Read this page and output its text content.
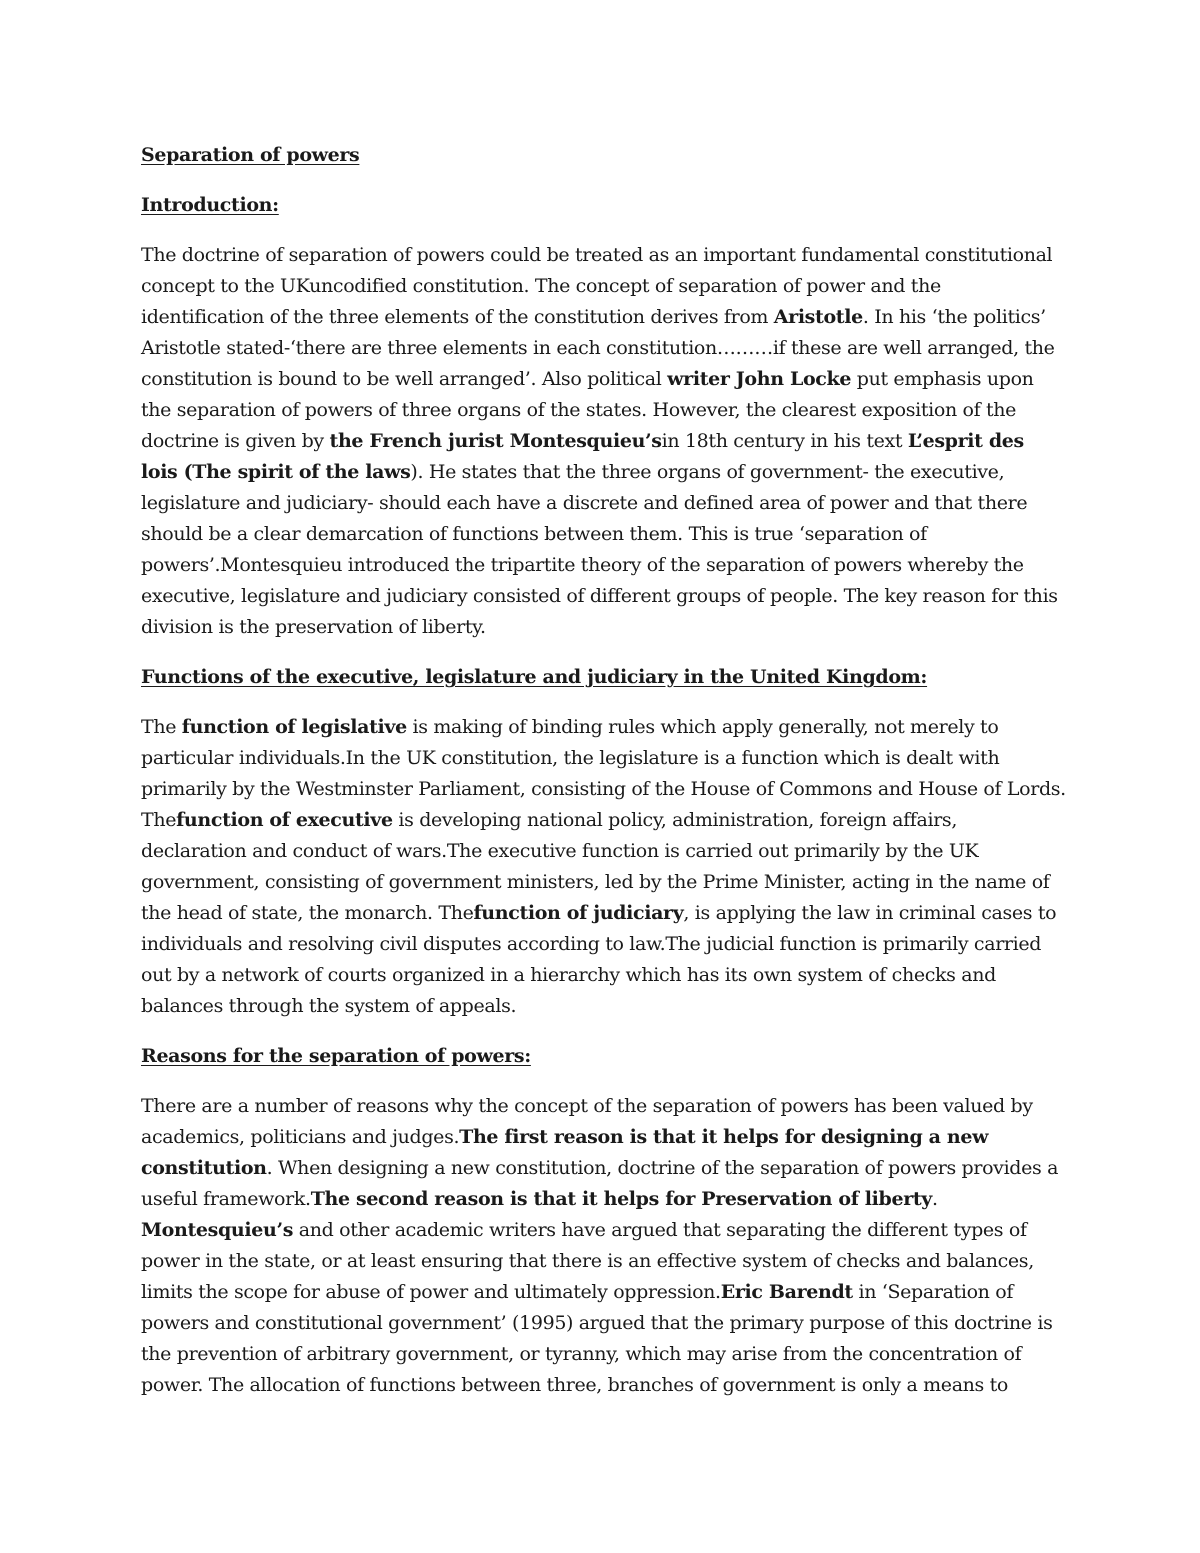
Separation of powers
Introduction:
The doctrine of separation of powers could be treated as an important fundamental constitutional concept to the UKuncodified constitution. The concept of separation of power and the identification of the three elements of the constitution derives from Aristotle. In his ‘the politics’ Aristotle stated-‘there are three elements in each constitution………if these are well arranged, the constitution is bound to be well arranged’. Also political writer John Locke put emphasis upon the separation of powers of three organs of the states. However, the clearest exposition of the doctrine is given by the French jurist Montesquieu’sin 18th century in his text L’esprit des lois (The spirit of the laws). He states that the three organs of government- the executive, legislature and judiciary- should each have a discrete and defined area of power and that there should be a clear demarcation of functions between them. This is true ‘separation of powers’.Montesquieu introduced the tripartite theory of the separation of powers whereby the executive, legislature and judiciary consisted of different groups of people. The key reason for this division is the preservation of liberty.
Functions of the executive, legislature and judiciary in the United Kingdom:
The function of legislative is making of binding rules which apply generally, not merely to particular individuals.In the UK constitution, the legislature is a function which is dealt with primarily by the Westminster Parliament, consisting of the House of Commons and House of Lords. Thefunction of executive is developing national policy, administration, foreign affairs, declaration and conduct of wars.The executive function is carried out primarily by the UK government, consisting of government ministers, led by the Prime Minister, acting in the name of the head of state, the monarch. Thefunction of judiciary, is applying the law in criminal cases to individuals and resolving civil disputes according to law.The judicial function is primarily carried out by a network of courts organized in a hierarchy which has its own system of checks and balances through the system of appeals.
Reasons for the separation of powers:
There are a number of reasons why the concept of the separation of powers has been valued by academics, politicians and judges.The first reason is that it helps for designing a new constitution. When designing a new constitution, doctrine of the separation of powers provides a useful framework.The second reason is that it helps for Preservation of liberty. Montesquieu’s and other academic writers have argued that separating the different types of power in the state, or at least ensuring that there is an effective system of checks and balances, limits the scope for abuse of power and ultimately oppression.Eric Barendt in ‘Separation of powers and constitutional government’ (1995) argued that the primary purpose of this doctrine is the prevention of arbitrary government, or tyranny, which may arise from the concentration of power. The allocation of functions between three, branches of government is only a means to
